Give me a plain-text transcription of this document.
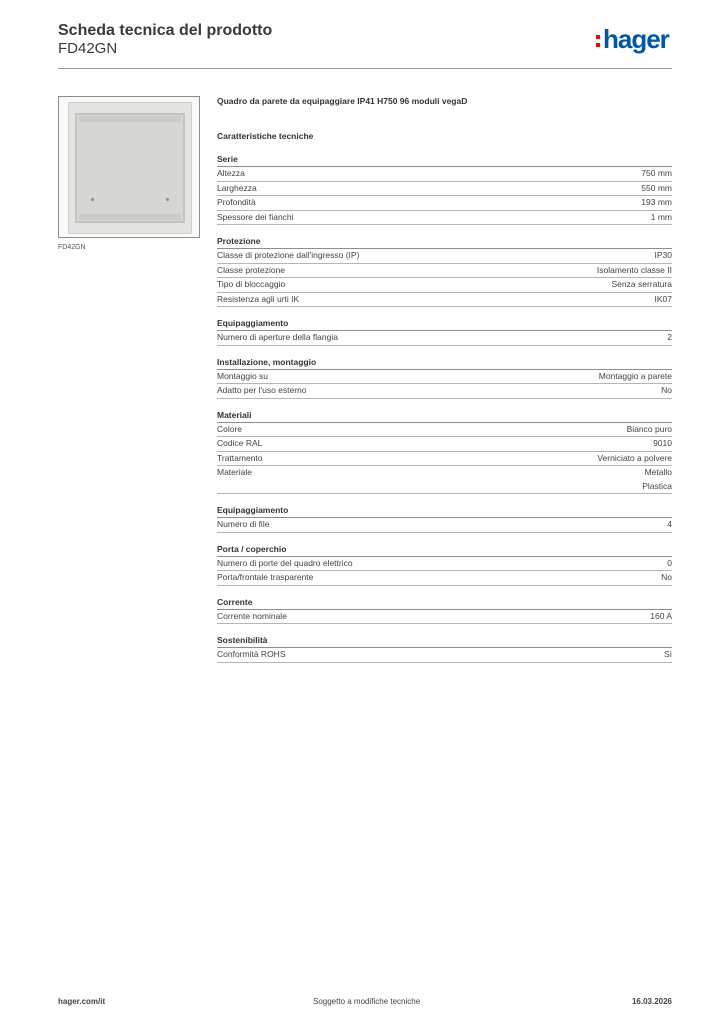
Scheda tecnica del prodotto
FD42GN	hager
FD42GN
Quadro da parete da equipaggiare IP41 H750 96 moduli vegaD
Caratteristiche tecniche
Serie
Altezza	750 mm
Larghezza	550 mm
Profondità	193 mm
Spessore dei fianchi	1 mm
Protezione
Classe di protezione dall'ingresso (IP)	IP30
Classe protezione	Isolamento classe II
Tipo di bloccaggio	Senza serratura
Resistenza agli urti IK	IK07
Equipaggiamento
Numero di aperture della flangia	2
Installazione, montaggio
Montaggio su	Montaggio a parete
Adatto per l'uso esterno	No
Materiali
Colore	Bianco puro
Codice RAL	9010
Trattamento	Verniciato a polvere
Materiale	Metallo
Plastica
Equipaggiamento
Numero di file	4
Porta / coperchio
Numero di porte del quadro elettrico	0
Porta/frontale trasparente	No
Corrente
Corrente nominale	160 A
Sostenibilità
Conformità ROHS	Sì
hager.com/it	Soggetto a modifiche tecniche	16.03.2026
